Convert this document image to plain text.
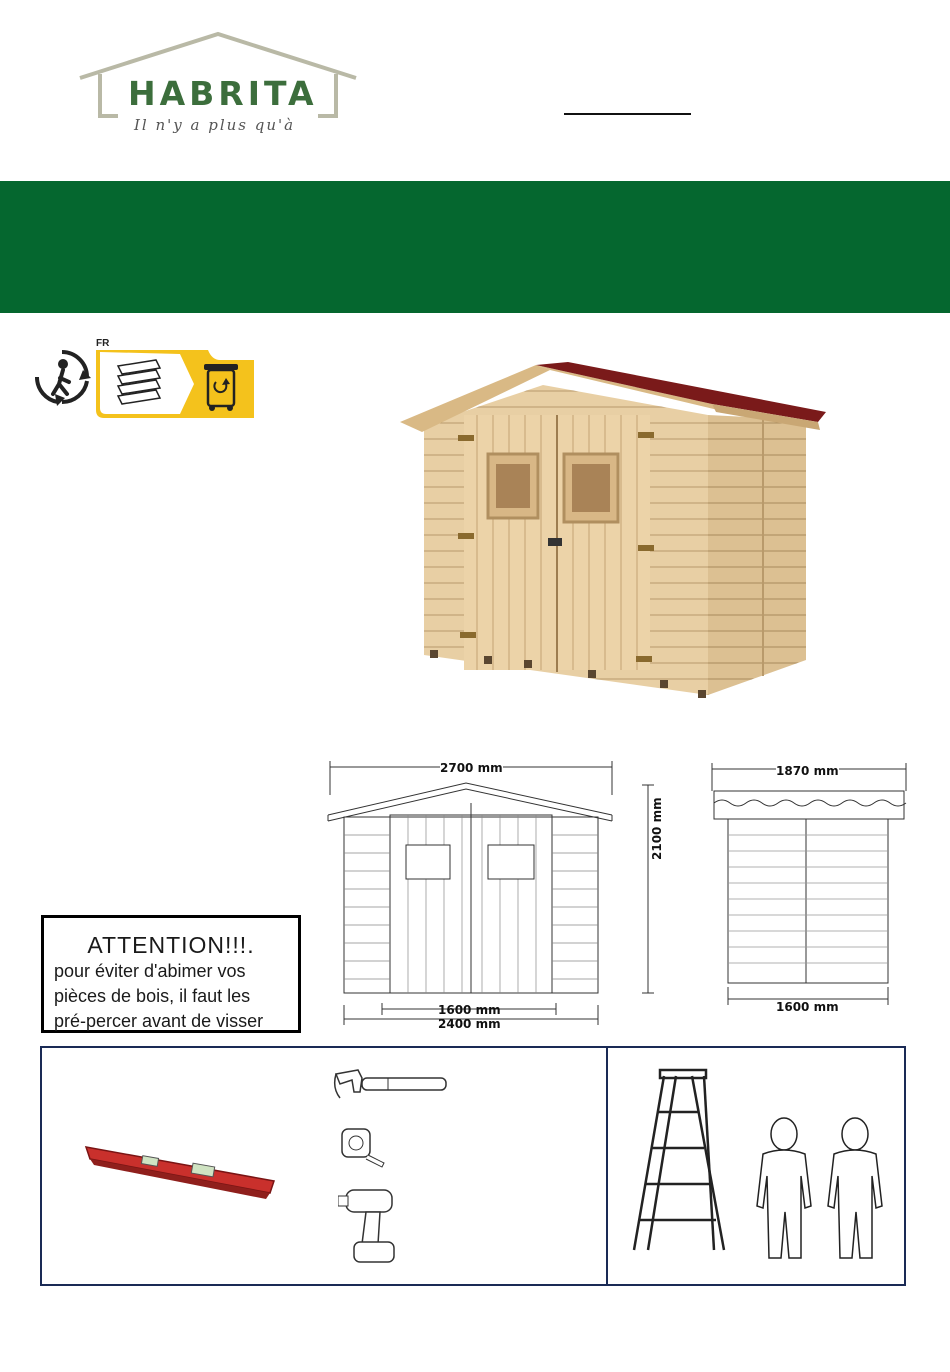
HABRITA
Il n'y a plus qu'à
FR
2700 mm
2100 mm
1600 mm
2400 mm
1870 mm
1600 mm
ATTENTION!!!.
pour éviter d'abimer vos
pièces de bois, il faut les
pré-percer avant de visser
